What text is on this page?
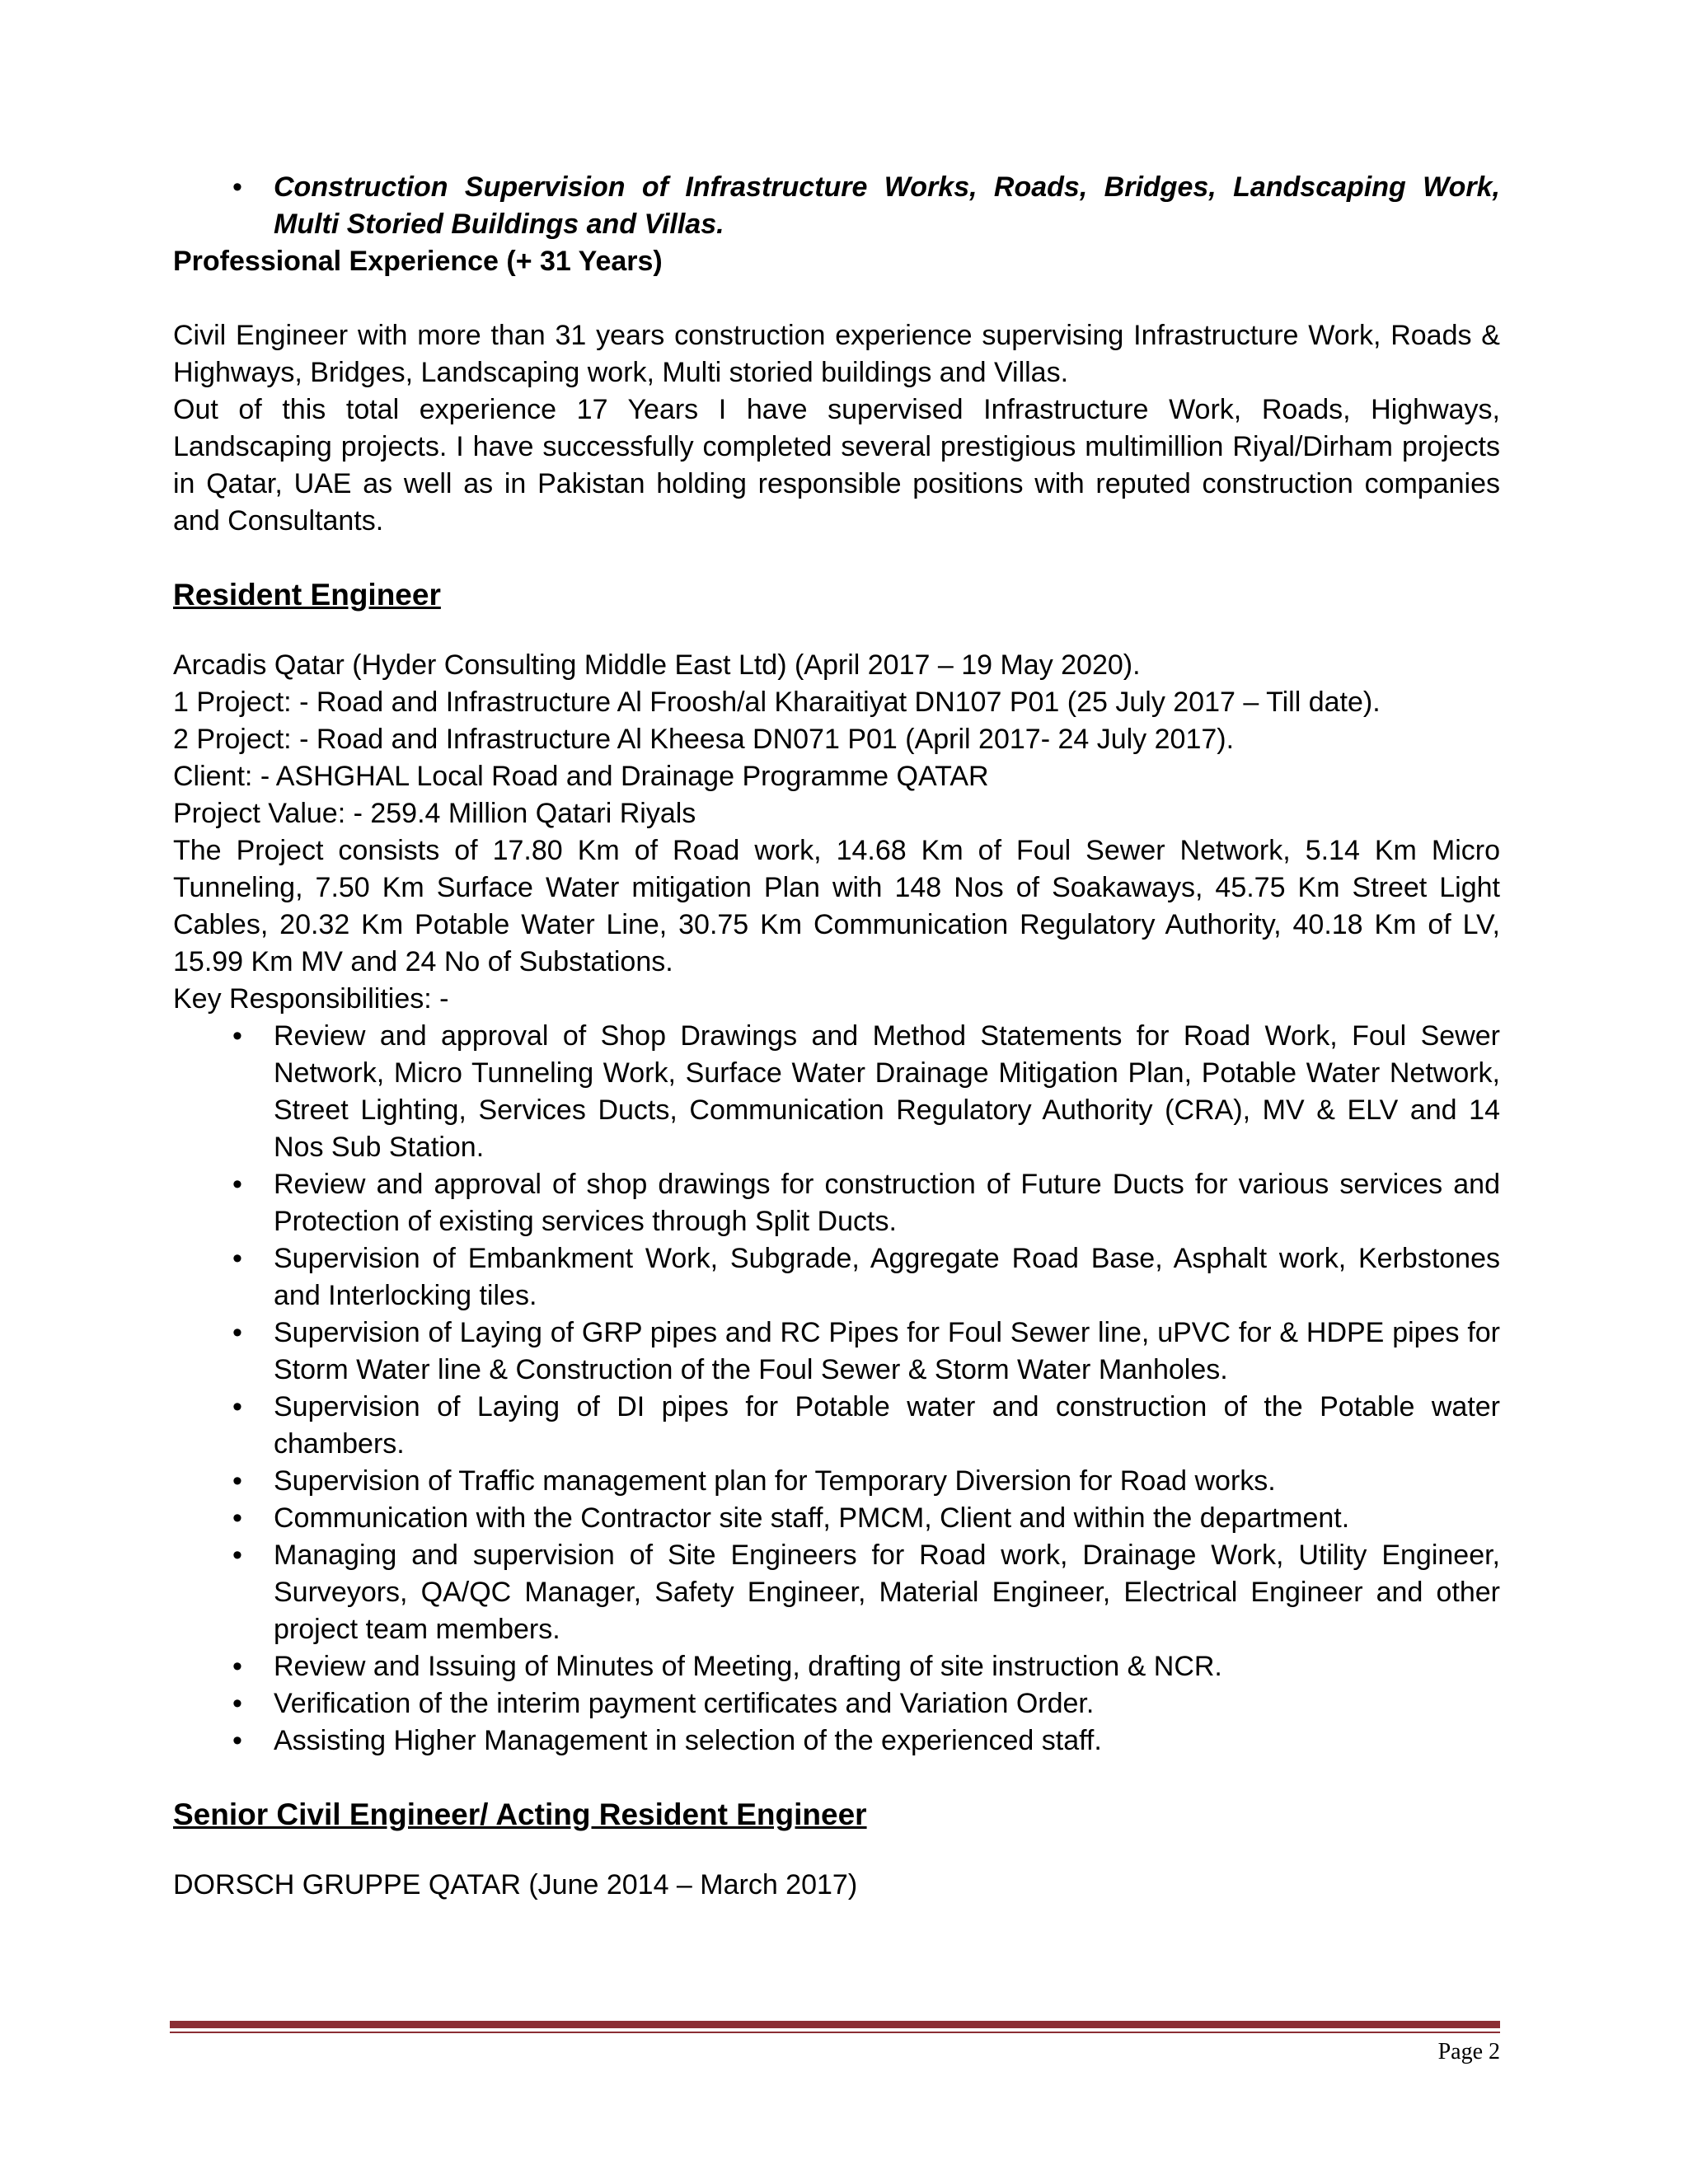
• Construction Supervision of Infrastructure Works, Roads, Bridges, Landscaping Work, Multi Storied Buildings and Villas.

Professional Experience (+ 31 Years)

Civil Engineer with more than 31 years construction experience supervising Infrastructure Work, Roads & Highways, Bridges, Landscaping work, Multi storied buildings and Villas.

Out of this total experience 17 Years I have supervised Infrastructure Work, Roads, Highways, Landscaping projects. I have successfully completed several prestigious multimillion Riyal/Dirham projects in Qatar, UAE as well as in Pakistan holding responsible positions with reputed construction companies and Consultants.

Resident Engineer

Arcadis Qatar (Hyder Consulting Middle East Ltd) (April 2017 – 19 May 2020).

1 Project: - Road and Infrastructure Al Froosh/al Kharaitiyat DN107 P01 (25 July 2017 – Till date).

2 Project: - Road and Infrastructure Al Kheesa DN071 P01 (April 2017- 24 July 2017).

Client: - ASHGHAL Local Road and Drainage Programme QATAR

Project Value: - 259.4 Million Qatari Riyals

The Project consists of 17.80 Km of Road work, 14.68 Km of Foul Sewer Network, 5.14 Km Micro Tunneling, 7.50 Km Surface Water mitigation Plan with 148 Nos of Soakaways, 45.75 Km Street Light Cables, 20.32 Km Potable Water Line, 30.75 Km Communication Regulatory Authority, 40.18 Km of LV, 15.99 Km MV and 24 No of Substations.

Key Responsibilities: -

• Review and approval of Shop Drawings and Method Statements for Road Work, Foul Sewer Network, Micro Tunneling Work, Surface Water Drainage Mitigation Plan, Potable Water Network, Street Lighting, Services Ducts, Communication Regulatory Authority (CRA), MV & ELV and 14 Nos Sub Station.
• Review and approval of shop drawings for construction of Future Ducts for various services and Protection of existing services through Split Ducts.
• Supervision of Embankment Work, Subgrade, Aggregate Road Base, Asphalt work, Kerbstones and Interlocking tiles.
• Supervision of Laying of GRP pipes and RC Pipes for Foul Sewer line, uPVC for & HDPE pipes for Storm Water line & Construction of the Foul Sewer & Storm Water Manholes.
• Supervision of Laying of DI pipes for Potable water and construction of the Potable water chambers.
• Supervision of Traffic management plan for Temporary Diversion for Road works.
• Communication with the Contractor site staff, PMCM, Client and within the department.
• Managing and supervision of Site Engineers for Road work, Drainage Work, Utility Engineer, Surveyors, QA/QC Manager, Safety Engineer, Material Engineer, Electrical Engineer and other project team members.
• Review and Issuing of Minutes of Meeting, drafting of site instruction & NCR.
• Verification of the interim payment certificates and Variation Order.
• Assisting Higher Management in selection of the experienced staff.

Senior Civil Engineer/ Acting Resident Engineer

DORSCH GRUPPE QATAR (June 2014 – March 2017)

Page 2
